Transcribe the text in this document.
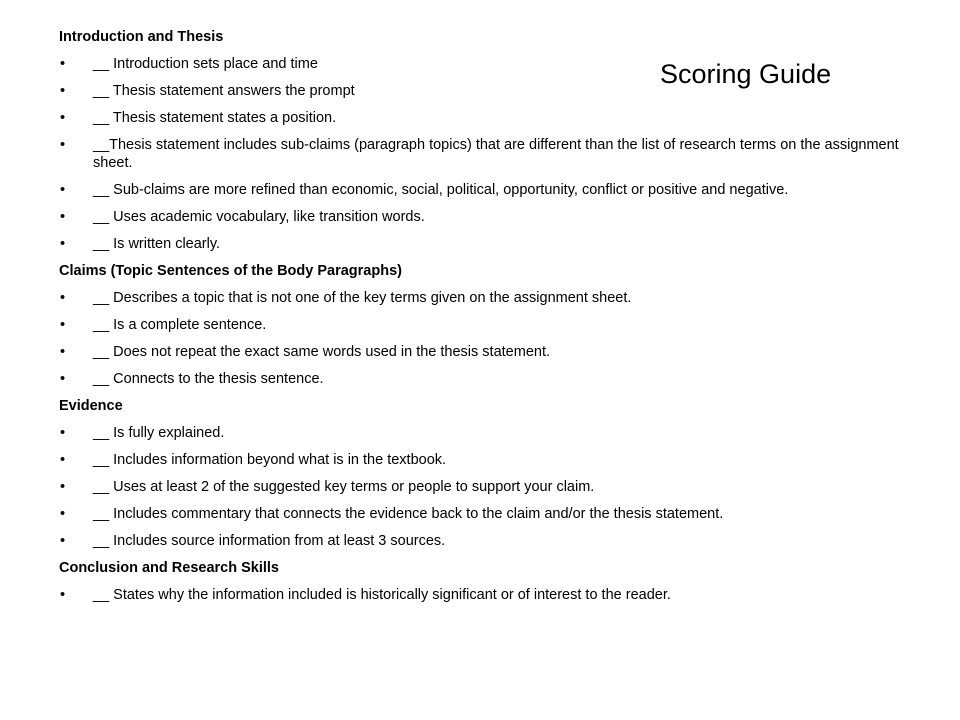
Scoring Guide
Introduction and Thesis
• __ Introduction sets place and time
• __ Thesis statement answers the prompt
• __ Thesis statement states a position.
• __Thesis statement includes sub-claims (paragraph topics) that are different than the list of research terms on the assignment sheet.
• __ Sub-claims are more refined than economic, social, political, opportunity, conflict or positive and negative.
• __ Uses academic vocabulary, like transition words.
• __ Is written clearly.
Claims (Topic Sentences of the Body Paragraphs)
• __ Describes a topic that is not one of the key terms given on the assignment sheet.
• __ Is a complete sentence.
• __ Does not repeat the exact same words used in the thesis statement.
• __ Connects to the thesis sentence.
Evidence
• __ Is fully explained.
• __ Includes information beyond what is in the textbook.
• __ Uses at least 2 of the suggested key terms or people to support your claim.
• __ Includes commentary that connects the evidence back to the claim and/or the thesis statement.
• __ Includes source information from at least 3 sources.
Conclusion and Research Skills
• __ States why the information included is historically significant or of interest to the reader.
